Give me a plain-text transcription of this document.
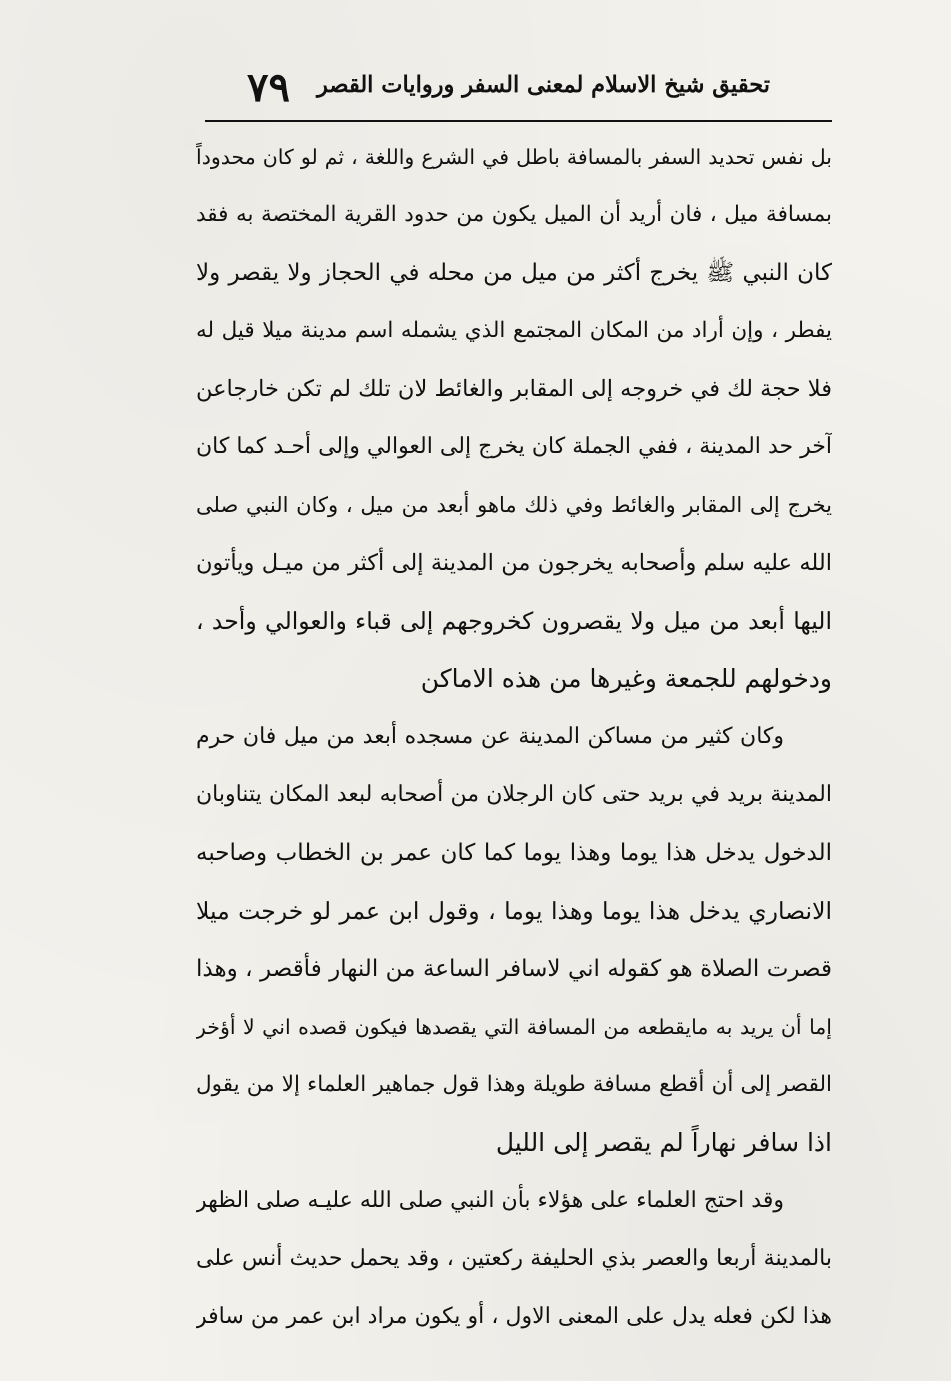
تحقيق شيخ الاسلام لمعنى السفر وروايات القصر
٧٩
بل نفس تحديد السفر بالمسافة باطل في الشرع واللغة ، ثم لو كان محدوداً
بمسافة ميل ، فان أريد أن الميل يكون من حدود القرية المختصة به فقد
كان النبي ﷺ يخرج أكثر من ميل من محله في الحجاز ولا يقصر ولا
يفطر ، وإن أراد من المكان المجتمع الذي يشمله اسم مدينة ميلا قيل له
فلا حجة لك في خروجه إلى المقابر والغائط لان تلك لم تكن خارجاعن
آخر حد المدينة ، ففي الجملة كان يخرج إلى العوالي وإلى أحـد كما كان
يخرج إلى المقابر والغائط وفي ذلك ماهو أبعد من ميل ، وكان النبي صلى
الله عليه سلم وأصحابه يخرجون من المدينة إلى أكثر من ميـل ويأتون
اليها أبعد من ميل ولا يقصرون كخروجهم إلى قباء والعوالي وأحد ،
ودخولهم للجمعة وغيرها من هذه الاماكن
وكان كثير من مساكن المدينة عن مسجده أبعد من ميل فان حرم
المدينة بريد في بريد حتى كان الرجلان من أصحابه لبعد المكان يتناوبان
الدخول يدخل هذا يوما وهذا يوما كما كان عمر بن الخطاب وصاحبه
الانصاري يدخل هذا يوما وهذا يوما ، وقول ابن عمر لو خرجت ميلا
قصرت الصلاة هو كقوله اني لاسافر الساعة من النهار فأقصر ، وهذا
إما أن يريد به مايقطعه من المسافة التي يقصدها فيكون قصده اني لا أؤخر
القصر إلى أن أقطع مسافة طويلة وهذا قول جماهير العلماء إلا من يقول
اذا سافر نهاراً لم يقصر إلى الليل
وقد احتج العلماء على هؤلاء بأن النبي صلى الله عليـه صلى الظهر
بالمدينة أربعا والعصر بذي الحليفة ركعتين ، وقد يحمل حديث أنس على
هذا لكن فعله يدل على المعنى الاول ، أو يكون مراد ابن عمر من سافر
